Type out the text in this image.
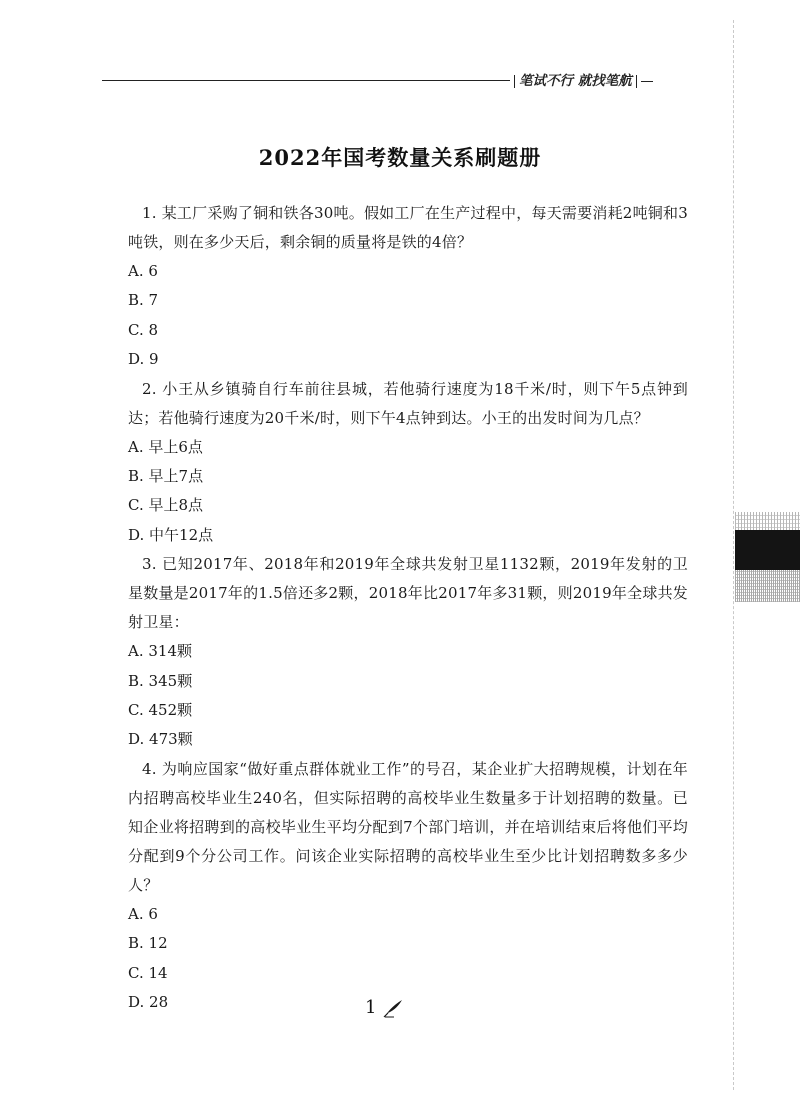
笔试不行 就找笔航
2022年国考数量关系刷题册

1. 某工厂采购了铜和铁各30吨。假如工厂在生产过程中，每天需要消耗2吨铜和3吨铁，则在多少天后，剩余铜的质量将是铁的4倍？

A. 6

B. 7

C. 8

D. 9

2. 小王从乡镇骑自行车前往县城，若他骑行速度为18千米/时，则下午5点钟到达；若他骑行速度为20千米/时，则下午4点钟到达。小王的出发时间为几点？

A. 早上6点

B. 早上7点

C. 早上8点

D. 中午12点

3. 已知2017年、2018年和2019年全球共发射卫星1132颗，2019年发射的卫星数量是2017年的1.5倍还多2颗，2018年比2017年多31颗，则2019年全球共发射卫星：

A. 314颗

B. 345颗

C. 452颗

D. 473颗

4. 为响应国家“做好重点群体就业工作”的号召，某企业扩大招聘规模，计划在年内招聘高校毕业生240名，但实际招聘的高校毕业生数量多于计划招聘的数量。已知企业将招聘到的高校毕业生平均分配到7个部门培训，并在培训结束后将他们平均分配到9个分公司工作。问该企业实际招聘的高校毕业生至少比计划招聘数多多少人？

A. 6

B. 12

C. 14

D. 28	1
